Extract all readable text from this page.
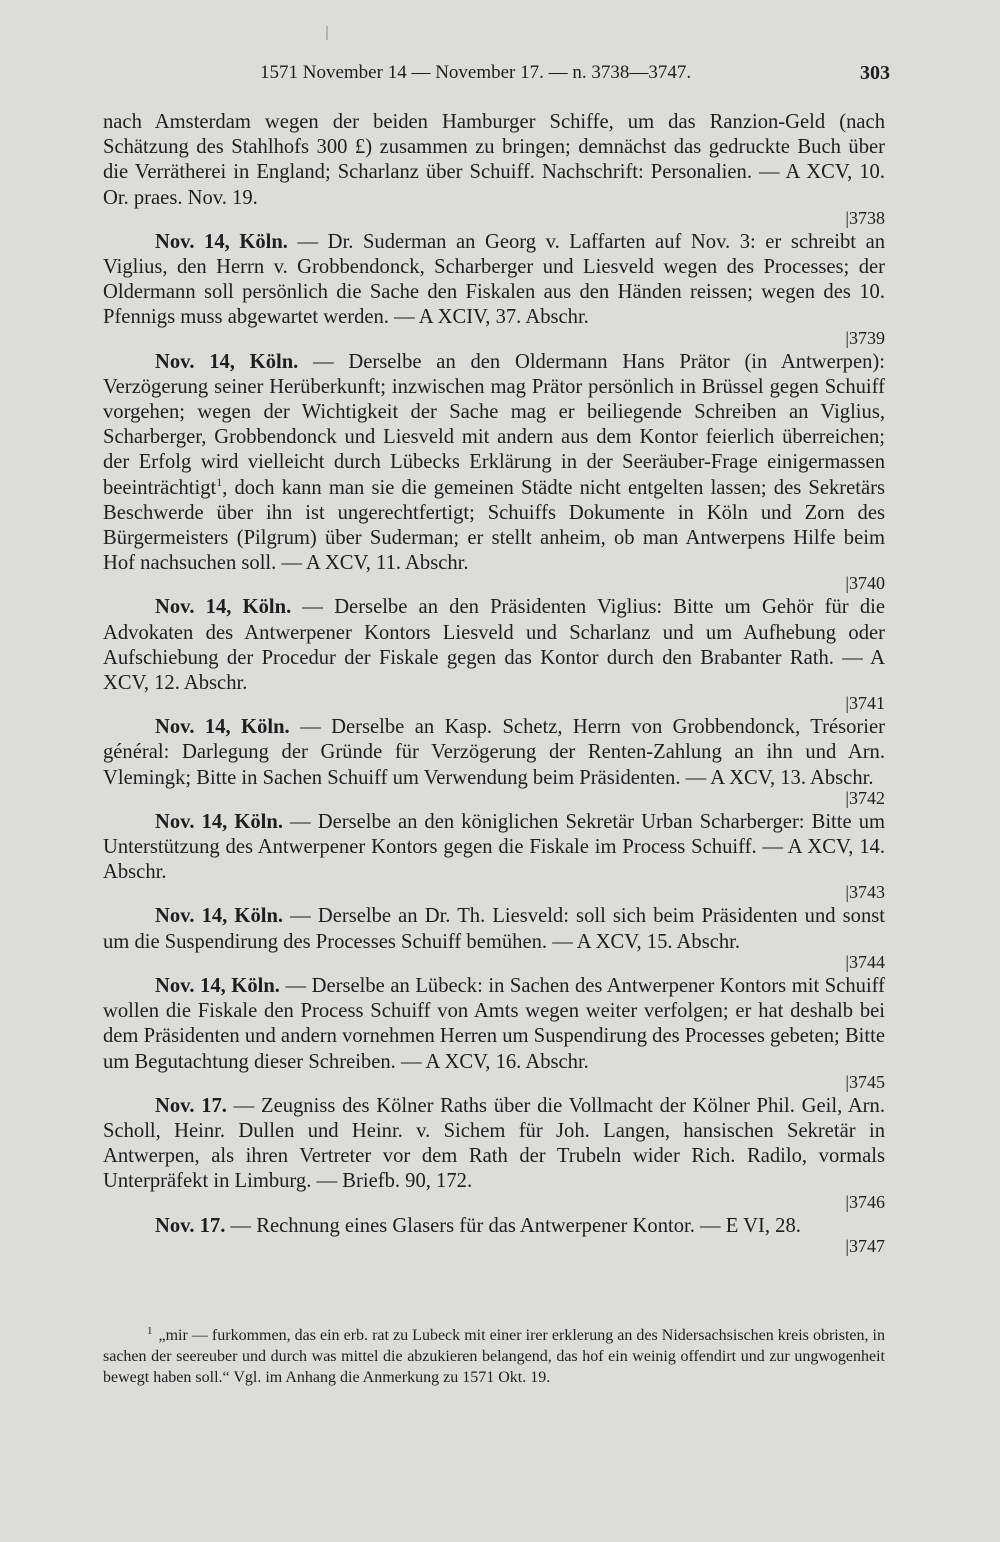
1571 November 14 — November 17. — n. 3738—3747.	303

nach Amsterdam wegen der beiden Hamburger Schiffe, um das Ranzion-Geld (nach Schätzung des Stahlhofs 300 £) zusammen zu bringen; demnächst das gedruckte Buch über die Verrätherei in England; Scharlanz über Schuiff. Nachschrift: Personalien. — A XCV, 10. Or. praes. Nov. 19.
|3738

Nov. 14, Köln. — Dr. Suderman an Georg v. Laffarten auf Nov. 3: er schreibt an Viglius, den Herrn v. Grobbendonck, Scharberger und Liesveld wegen des Processes; der Oldermann soll persönlich die Sache den Fiskalen aus den Händen reissen; wegen des 10. Pfennigs muss abgewartet werden. — A XCIV, 37. Abschr.
|3739

Nov. 14, Köln. — Derselbe an den Oldermann Hans Prätor (in Antwerpen): Verzögerung seiner Herüberkunft; inzwischen mag Prätor persönlich in Brüssel gegen Schuiff vorgehen; wegen der Wichtigkeit der Sache mag er beiliegende Schreiben an Viglius, Scharberger, Grobbendonck und Liesveld mit andern aus dem Kontor feierlich überreichen; der Erfolg wird vielleicht durch Lübecks Erklärung in der Seeräuber-Frage einigermassen beeinträchtigt$^1$, doch kann man sie die gemeinen Städte nicht entgelten lassen; des Sekretärs Beschwerde über ihn ist ungerechtfertigt; Schuiffs Dokumente in Köln und Zorn des Bürgermeisters (Pilgrum) über Suderman; er stellt anheim, ob man Antwerpens Hilfe beim Hof nachsuchen soll. — A XCV, 11. Abschr.
|3740

Nov. 14, Köln. — Derselbe an den Präsidenten Viglius: Bitte um Gehör für die Advokaten des Antwerpener Kontors Liesveld und Scharlanz und um Aufhebung oder Aufschiebung der Procedur der Fiskale gegen das Kontor durch den Brabanter Rath. — A XCV, 12. Abschr.
|3741

Nov. 14, Köln. — Derselbe an Kasp. Schetz, Herrn von Grobbendonck, Trésorier général: Darlegung der Gründe für Verzögerung der Renten-Zahlung an ihn und Arn. Vlemingk; Bitte in Sachen Schuiff um Verwendung beim Präsidenten. — A XCV, 13. Abschr.
|3742

Nov. 14, Köln. — Derselbe an den königlichen Sekretär Urban Scharberger: Bitte um Unterstützung des Antwerpener Kontors gegen die Fiskale im Process Schuiff. — A XCV, 14. Abschr.
|3743

Nov. 14, Köln. — Derselbe an Dr. Th. Liesveld: soll sich beim Präsidenten und sonst um die Suspendirung des Processes Schuiff bemühen. — A XCV, 15. Abschr.
|3744

Nov. 14, Köln. — Derselbe an Lübeck: in Sachen des Antwerpener Kontors mit Schuiff wollen die Fiskale den Process Schuiff von Amts wegen weiter verfolgen; er hat deshalb bei dem Präsidenten und andern vornehmen Herren um Suspendirung des Processes gebeten; Bitte um Begutachtung dieser Schreiben. — A XCV, 16. Abschr.
|3745

Nov. 17. — Zeugniss des Kölner Raths über die Vollmacht der Kölner Phil. Geil, Arn. Scholl, Heinr. Dullen und Heinr. v. Sichem für Joh. Langen, hansischen Sekretär in Antwerpen, als ihren Vertreter vor dem Rath der Trubeln wider Rich. Radilo, vormals Unterpräfekt in Limburg. — Briefb. 90, 172.
|3746

Nov. 17. — Rechnung eines Glasers für das Antwerpener Kontor. — E VI, 28.
|3747

$^1$ „mir — furkommen, das ein erb. rat zu Lubeck mit einer irer erklerung an des Nidersachsischen kreis obristen, in sachen der seereuber und durch was mittel die abzukieren belangend, das hof ein weinig offendirt und zur ungwogenheit bewegt haben soll.“ Vgl. im Anhang die Anmerkung zu 1571 Okt. 19.
